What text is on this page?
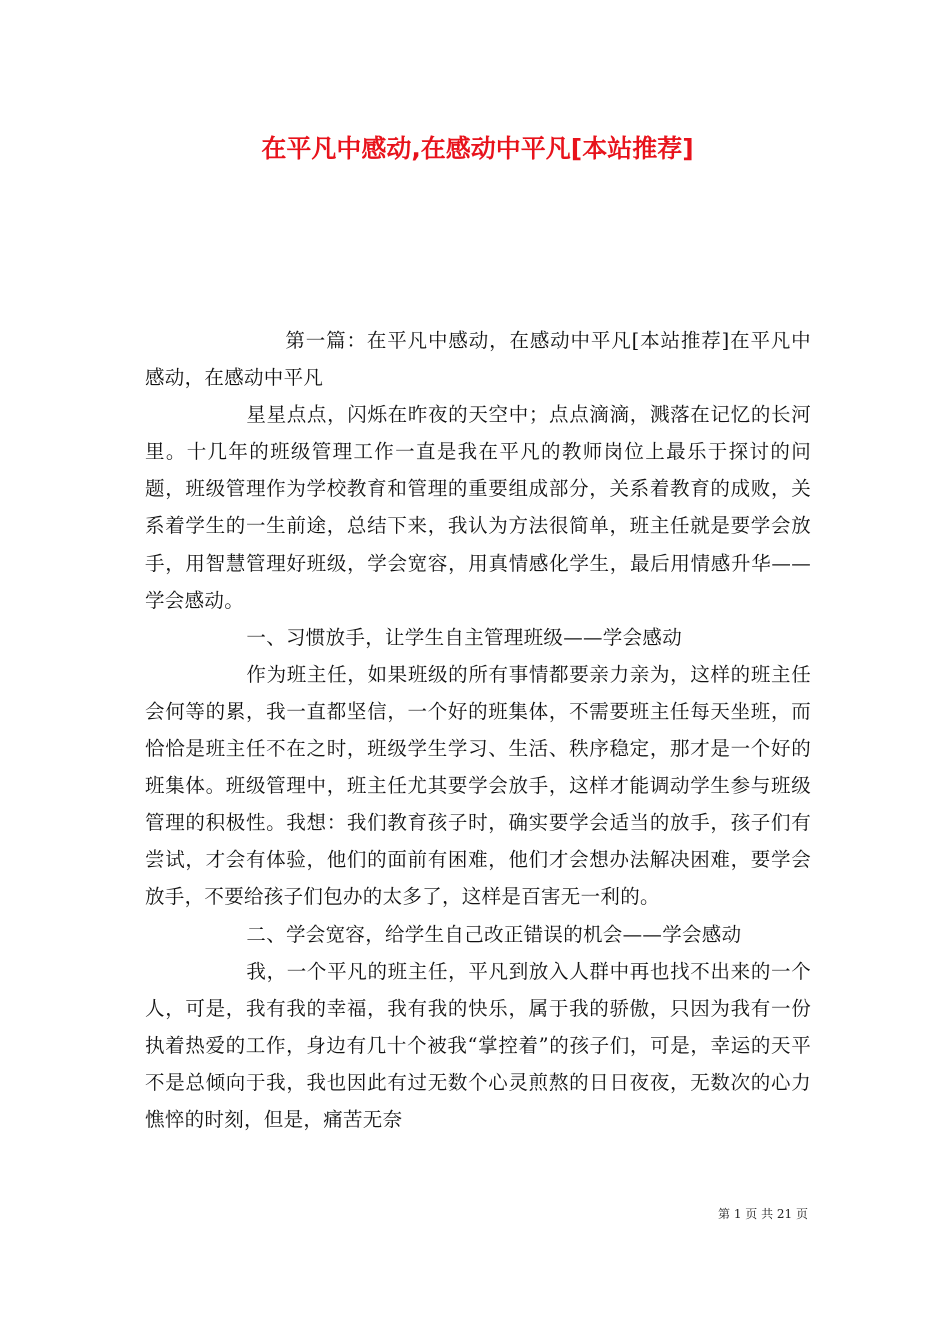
在平凡中感动,在感动中平凡[本站推荐]

第一篇：在平凡中感动，在感动中平凡[本站推荐]在平凡中感动，在感动中平凡

星星点点，闪烁在昨夜的天空中；点点滴滴，溅落在记忆的长河里。十几年的班级管理工作一直是我在平凡的教师岗位上最乐于探讨的问题，班级管理作为学校教育和管理的重要组成部分，关系着教育的成败，关系着学生的一生前途，总结下来，我认为方法很简单，班主任就是要学会放手，用智慧管理好班级，学会宽容，用真情感化学生，最后用情感升华——学会感动。

一、习惯放手，让学生自主管理班级——学会感动

作为班主任，如果班级的所有事情都要亲力亲为，这样的班主任会何等的累，我一直都坚信，一个好的班集体，不需要班主任每天坐班，而恰恰是班主任不在之时，班级学生学习、生活、秩序稳定，那才是一个好的班集体。班级管理中，班主任尤其要学会放手，这样才能调动学生参与班级管理的积极性。我想：我们教育孩子时，确实要学会适当的放手，孩子们有尝试，才会有体验，他们的面前有困难，他们才会想办法解决困难，要学会放手，不要给孩子们包办的太多了，这样是百害无一利的。

二、学会宽容，给学生自己改正错误的机会——学会感动

我，一个平凡的班主任，平凡到放入人群中再也找不出来的一个人，可是，我有我的幸福，我有我的快乐，属于我的骄傲，只因为我有一份执着热爱的工作，身边有几十个被我“掌控着”的孩子们，可是，幸运的天平不是总倾向于我，我也因此有过无数个心灵煎熬的日日夜夜，无数次的心力憔悴的时刻，但是，痛苦无奈

第 1 页 共 21 页
